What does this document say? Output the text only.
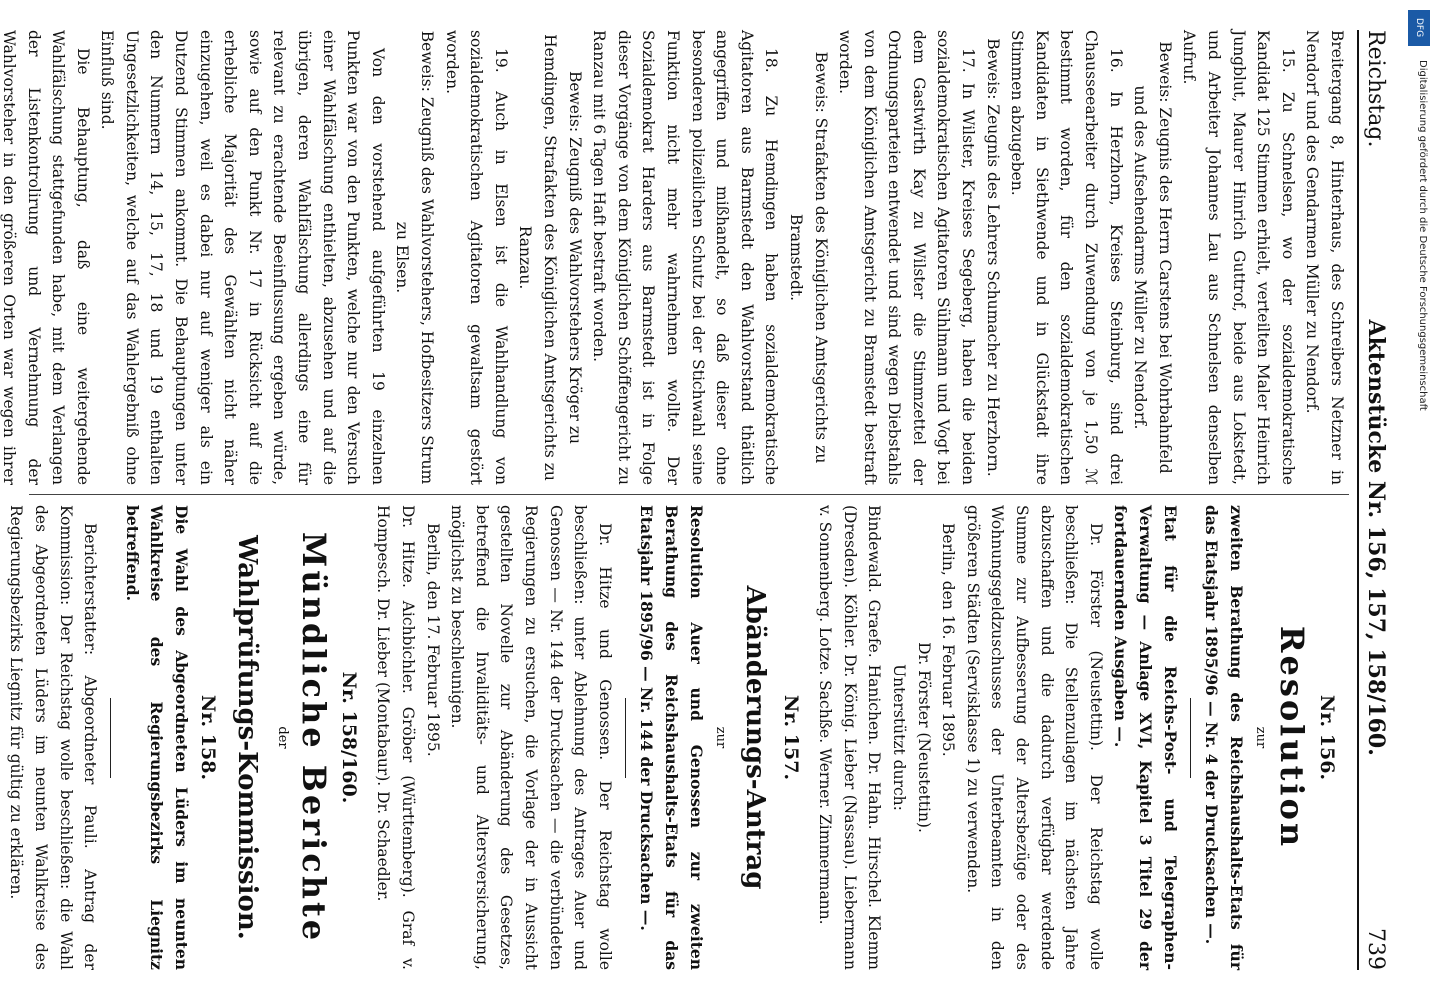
Reichstag.
Aktenstücke Nr. 156, 157, 158/160.
739

Breitergang 8, Hinterhaus, des Schreibers Netzner in Nendorf und des Gendarmen Müller zu Nendorf.

15. Zu Schnelsen, wo der sozialdemokratische Kandidat 125 Stimmen erhielt, verteilten Maler Heinrich Jungblut, Maurer Hinrich Guttrof, beide aus Lokstedt, und Arbeiter Johannes Lau aus Schnelsen denselben Aufruf.

Beweis: Zeugnis des Herrn Carstens bei Wohrbahnfeld und des Aufsehendarms Müller zu Nendorf.

16. In Herzhorn, Kreises Steinburg, sind drei Chausseearbeiter durch Zuwendung von je 1,50 ℳ bestimmt worden, für den sozialdemokratischen Kandidaten in Siethwende und in Glückstadt ihre Stimmen abzugeben.

Beweis: Zeugnis des Lehrers Schumacher zu Herzhorn.

17. In Wilster, Kreises Segeberg, haben die beiden sozialdemokratischen Agitatoren Sühlmann und Vogt bei dem Gastwirth Kay zu Wilster die Stimmzettel der Ordnungsparteien entwendet und sind wegen Diebstahls von dem Königlichen Amtsgericht zu Bramstedt bestraft worden.

Beweis: Strafakten des Königlichen Amtsgerichts zu Bramstedt.

18. Zu Hemdingen haben sozialdemokratische Agitatoren aus Barmstedt den Wahlvorstand thätlich angegriffen und mißhandelt, so daß dieser ohne besonderen polizeilichen Schutz bei der Stichwahl seine Funktion nicht mehr wahrnehmen wollte. Der Sozialdemokrat Harders aus Barmstedt ist in Folge dieser Vorgänge von dem Königlichen Schöffengericht zu Ranzau mit 6 Tagen Haft bestraft worden.

Beweis: Zeugniß des Wahlvorstehers Kröger zu Hemdingen, Strafakten des Königlichen Amtsgerichts zu Ranzau.

19. Auch in Elsen ist die Wahlhandlung von sozialdemokratischen Agitatoren gewaltsam gestört worden.

Beweis: Zeugniß des Wahlvorstehers, Hofbesitzers Strum zu Elsen.

Von den vorstehend aufgeführten 19 einzelnen Punkten war von den Punkten, welche nur den Versuch einer Wahlfälschung enthielten, abzusehen und auf die übrigen, deren Wahlfälschung allerdings eine für relevant zu erachtende Beeinflussung ergeben würde, sowie auf den Punkt Nr. 17 in Rücksicht auf die erhebliche Majorität des Gewählten nicht näher einzugehen, weil es dabei nur auf weniger als ein Dutzend Stimmen ankommt. Die Behauptungen unter den Nummern 14, 15, 17, 18 und 19 enthalten Ungesetzlichkeiten, welche auf das Wahlergebniß ohne Einfluß sind.

Die Behauptung, daß eine weitergehende Wahlfälschung stattgefunden habe, mit dem Verlangen der Listenkontrolirung und Vernehmung der Wahlvorsteher in den größeren Orten war wegen ihrer

Nr. 156.
Resolution
zur

zweiten Berathung des Reichshaushalts-Etats für das Etatsjahr 1895/96 — Nr. 4 der Drucksachen —.

Etat für die Reichs-Post- und Telegraphen-Verwaltung — Anlage XVI, Kapitel 3 Titel 29 der fortdauernden Ausgaben —.

Dr. Förster (Neustettin). Der Reichstag wolle beschließen: Die Stellenzulagen im nächsten Jahre abzuschaffen und die dadurch verfügbar werdende Summe zur Aufbesserung der Altersbezüge oder des Wohnungsgeldzuschusses der Unterbeamten in den größeren Städten (Servisklasse 1) zu verwenden.

Berlin, den 16. Februar 1895.

Dr. Förster (Neustettin).

Unterstützt durch:

Bindewald. Graefe. Hanichen. Dr. Hahn. Hirschel. Klemm (Dresden). Köhler. Dr. König. Lieber (Nassau). Liebermann v. Sonnenberg. Lotze. Sachße. Werner. Zimmermann.

Nr. 157.
Abänderungs-Antrag
zur

Resolution Auer und Genossen zur zweiten Berathung des Reichshaushalts-Etats für das Etatsjahr 1895/96 — Nr. 144 der Drucksachen —.

Dr. Hitze und Genossen. Der Reichstag wolle beschließen: unter Ablehnung des Antrages Auer und Genossen — Nr. 144 der Drucksachen — die verbündeten Regierungen zu ersuchen, die Vorlage der in Aussicht gestellten Novelle zur Abänderung des Gesetzes, betreffend die Invaliditäts- und Altersversicherung, möglichst zu beschleunigen.

Berlin, den 17. Februar 1895.

Dr. Hitze. Aichbichler. Gröber (Württemberg). Graf v. Hompesch. Dr. Lieber (Montabaur). Dr. Schaedler.

Nr. 158/160.
Mündliche Berichte
der
Wahlprüfungs-Kommission.
Nr. 158.

Die Wahl des Abgeordneten Lüders im neunten Wahlkreise des Regierungsbezirks Liegnitz betreffend.

Berichterstatter: Abgeordneter Pauli. Antrag der Kommission: Der Reichstag wolle beschließen: die Wahl des Abgeordneten Lüders im neunten Wahlkreise des Regierungsbezirks Liegnitz für gültig zu erklären.

Digitalisierung gefördert durch die Deutsche Forschungsgemeinschaft
DFG
